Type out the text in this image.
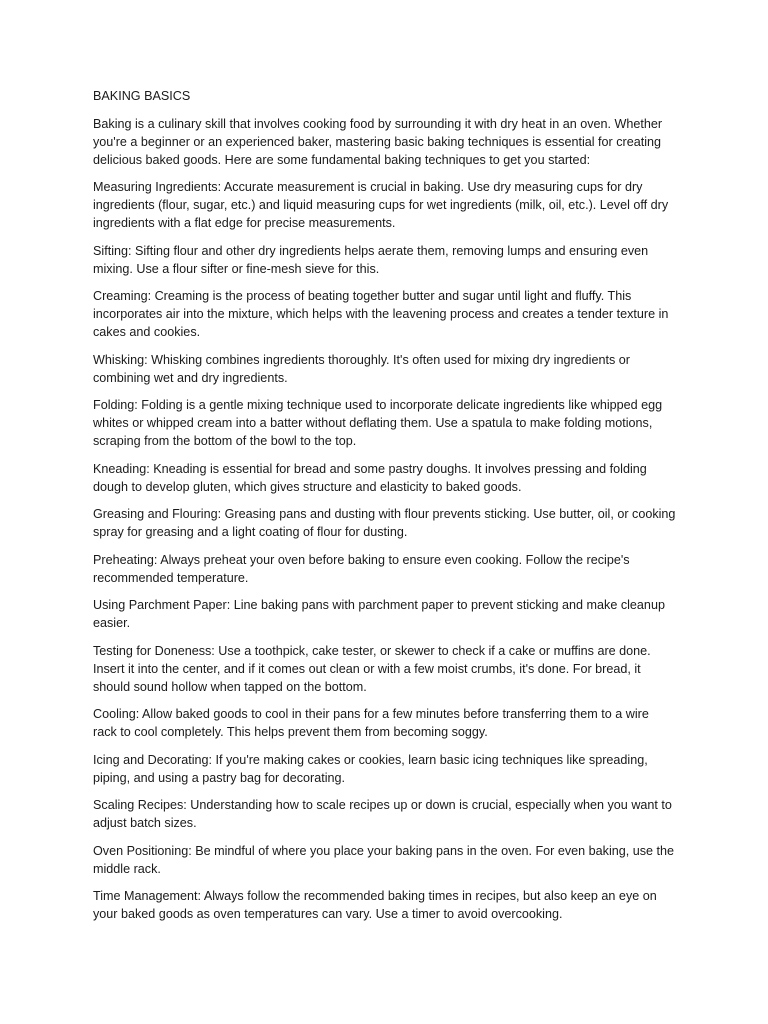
BAKING BASICS

Baking is a culinary skill that involves cooking food by surrounding it with dry heat in an oven. Whether you're a beginner or an experienced baker, mastering basic baking techniques is essential for creating delicious baked goods. Here are some fundamental baking techniques to get you started:

Measuring Ingredients: Accurate measurement is crucial in baking. Use dry measuring cups for dry ingredients (flour, sugar, etc.) and liquid measuring cups for wet ingredients (milk, oil, etc.). Level off dry ingredients with a flat edge for precise measurements.

Sifting: Sifting flour and other dry ingredients helps aerate them, removing lumps and ensuring even mixing. Use a flour sifter or fine-mesh sieve for this.

Creaming: Creaming is the process of beating together butter and sugar until light and fluffy. This incorporates air into the mixture, which helps with the leavening process and creates a tender texture in cakes and cookies.

Whisking: Whisking combines ingredients thoroughly. It's often used for mixing dry ingredients or combining wet and dry ingredients.

Folding: Folding is a gentle mixing technique used to incorporate delicate ingredients like whipped egg whites or whipped cream into a batter without deflating them. Use a spatula to make folding motions, scraping from the bottom of the bowl to the top.

Kneading: Kneading is essential for bread and some pastry doughs. It involves pressing and folding dough to develop gluten, which gives structure and elasticity to baked goods.

Greasing and Flouring: Greasing pans and dusting with flour prevents sticking. Use butter, oil, or cooking spray for greasing and a light coating of flour for dusting.

Preheating: Always preheat your oven before baking to ensure even cooking. Follow the recipe's recommended temperature.

Using Parchment Paper: Line baking pans with parchment paper to prevent sticking and make cleanup easier.

Testing for Doneness: Use a toothpick, cake tester, or skewer to check if a cake or muffins are done. Insert it into the center, and if it comes out clean or with a few moist crumbs, it's done. For bread, it should sound hollow when tapped on the bottom.

Cooling: Allow baked goods to cool in their pans for a few minutes before transferring them to a wire rack to cool completely. This helps prevent them from becoming soggy.

Icing and Decorating: If you're making cakes or cookies, learn basic icing techniques like spreading, piping, and using a pastry bag for decorating.

Scaling Recipes: Understanding how to scale recipes up or down is crucial, especially when you want to adjust batch sizes.

Oven Positioning: Be mindful of where you place your baking pans in the oven. For even baking, use the middle rack.

Time Management: Always follow the recommended baking times in recipes, but also keep an eye on your baked goods as oven temperatures can vary. Use a timer to avoid overcooking.
